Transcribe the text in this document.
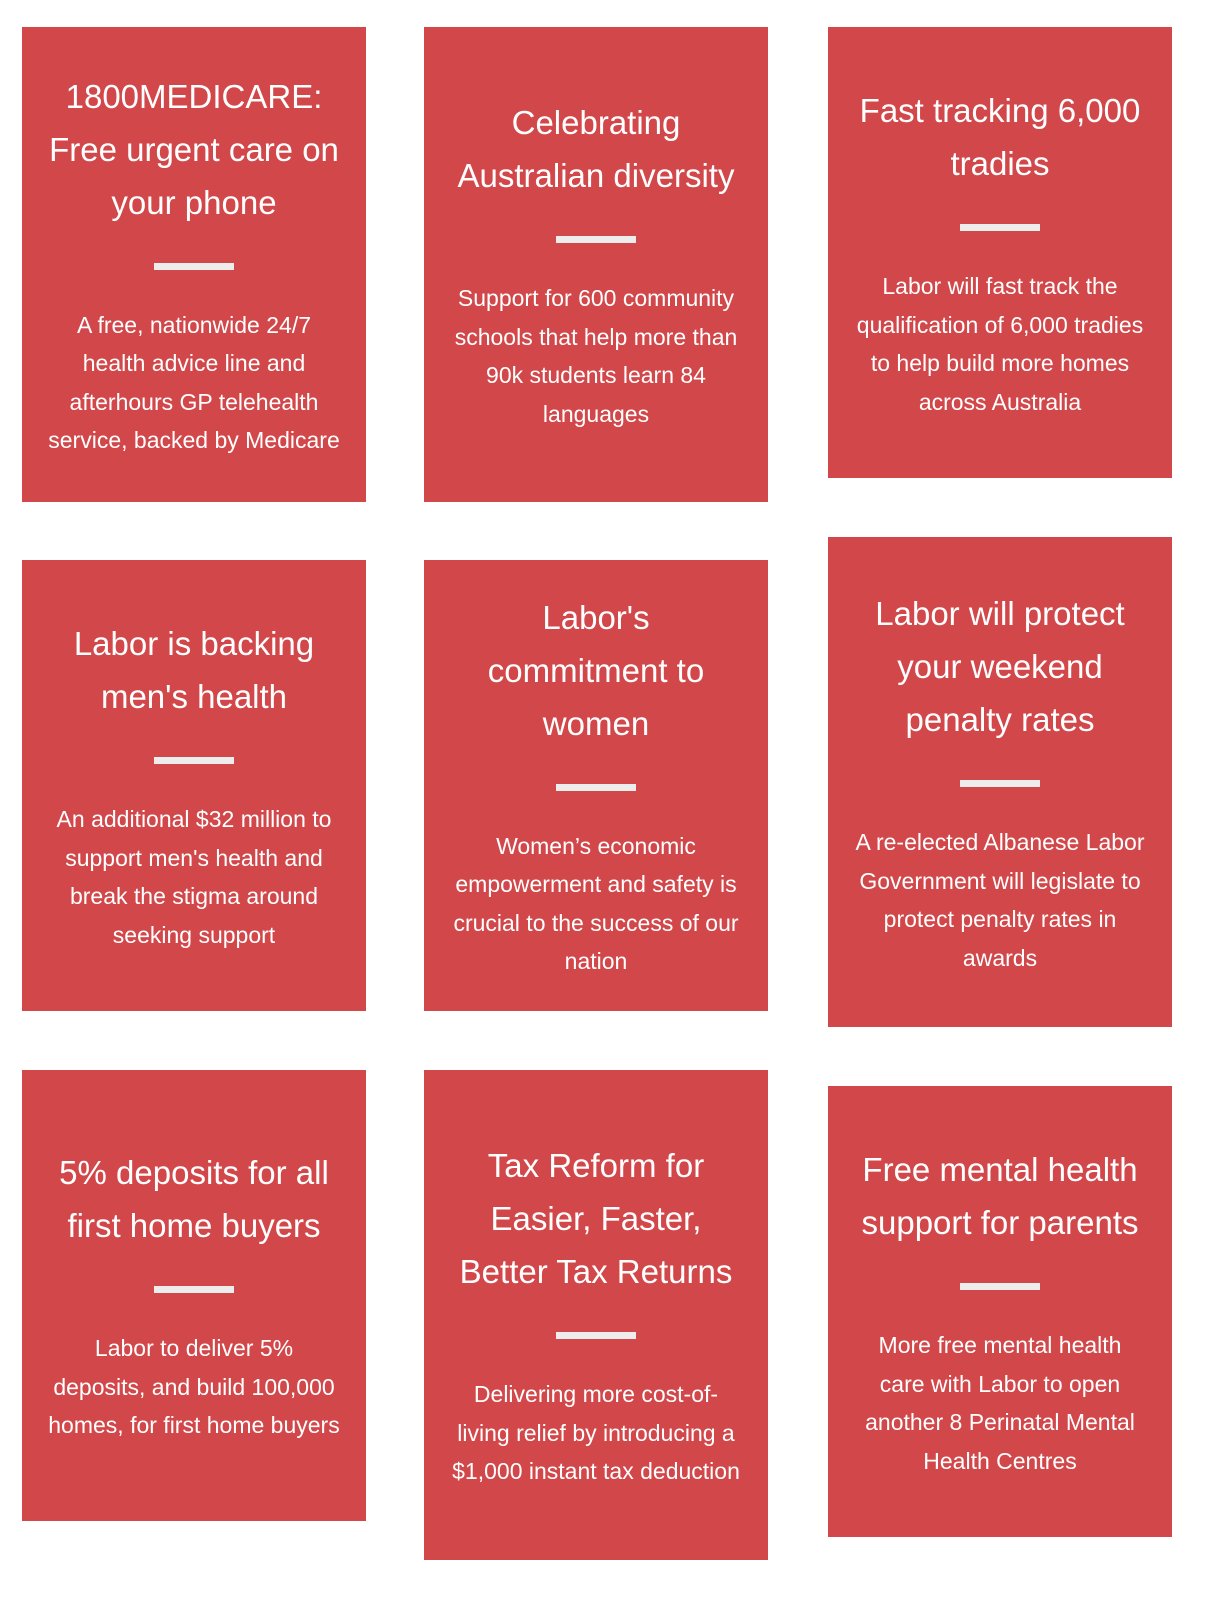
1800MEDICARE: Free urgent care on your phone

A free, nationwide 24/7 health advice line and afterhours GP telehealth service, backed by Medicare

Celebrating Australian diversity

Support for 600 community schools that help more than 90k students learn 84 languages

Fast tracking 6,000 tradies

Labor will fast track the qualification of 6,000 tradies to help build more homes across Australia

Labor is backing men's health

An additional $32 million to support men's health and break the stigma around seeking support

Labor's commitment to women

Women’s economic empowerment and safety is crucial to the success of our nation

Labor will protect your weekend penalty rates

A re-elected Albanese Labor Government will legislate to protect penalty rates in awards

5% deposits for all first home buyers

Labor to deliver 5% deposits, and build 100,000 homes, for first home buyers

Tax Reform for Easier, Faster, Better Tax Returns

Delivering more cost-of-living relief by introducing a $1,000 instant tax deduction

Free mental health support for parents

More free mental health care with Labor to open another 8 Perinatal Mental Health Centres
